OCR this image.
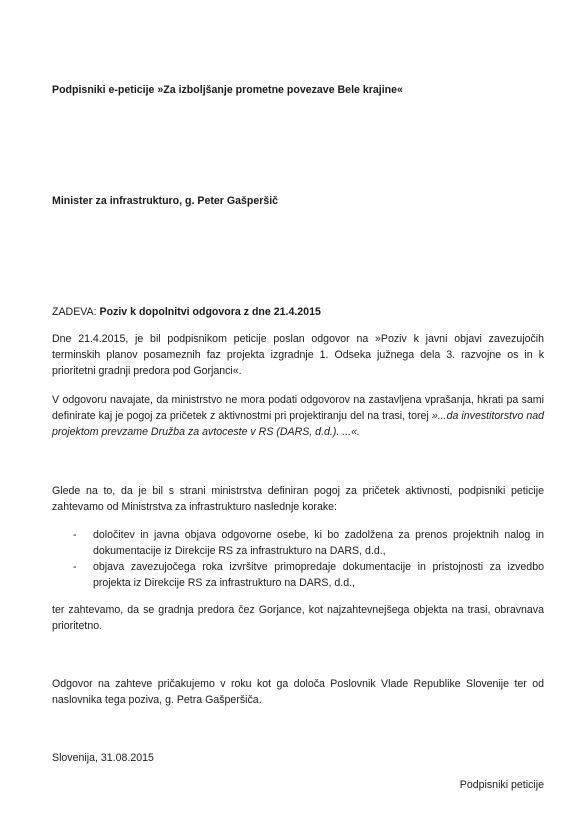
Podpisniki e-peticije »Za izboljšanje prometne povezave Bele krajine«
Minister za infrastrukturo, g. Peter Gašperšič
ZADEVA: Poziv k dopolnitvi odgovora z dne 21.4.2015
Dne 21.4.2015, je bil podpisnikom peticije poslan odgovor na »Poziv k javni objavi zavezujočih terminskih planov posameznih faz projekta izgradnje 1. Odseka južnega dela 3. razvojne os in k prioritetni gradnji predora pod Gorjanci«.
V odgovoru navajate, da ministrstvo ne mora podati odgovorov na zastavljena vprašanja, hkrati pa sami definirate kaj je pogoj za pričetek z aktivnostmi pri projektiranju del na trasi, torej »...da investitorstvo nad projektom prevzame Družba za avtoceste v RS (DARS, d.d.). ...«.
Glede na to, da je bil s strani ministrstva definiran pogoj za pričetek aktivnosti, podpisniki peticije zahtevamo od Ministrstva za infrastrukturo naslednje korake:
- določitev in javna objava odgovorne osebe, ki bo zadolžena za prenos projektnih nalog in dokumentacije iz Direkcije RS za infrastrukturo na DARS, d.d.,
- objava zavezujočega roka izvršitve primopredaje dokumentacije in pristojnosti za izvedbo projekta iz Direkcije RS za infrastrukturo na DARS, d.d.,
ter zahtevamo, da se gradnja predora čez Gorjance, kot najzahtevnejšega objekta na trasi, obravnava prioritetno.
Odgovor na zahteve pričakujemo v roku kot ga določa Poslovnik Vlade Republike Slovenije ter od naslovnika tega poziva, g. Petra Gašperšiča.
Slovenija, 31.08.2015
Podpisniki peticije
